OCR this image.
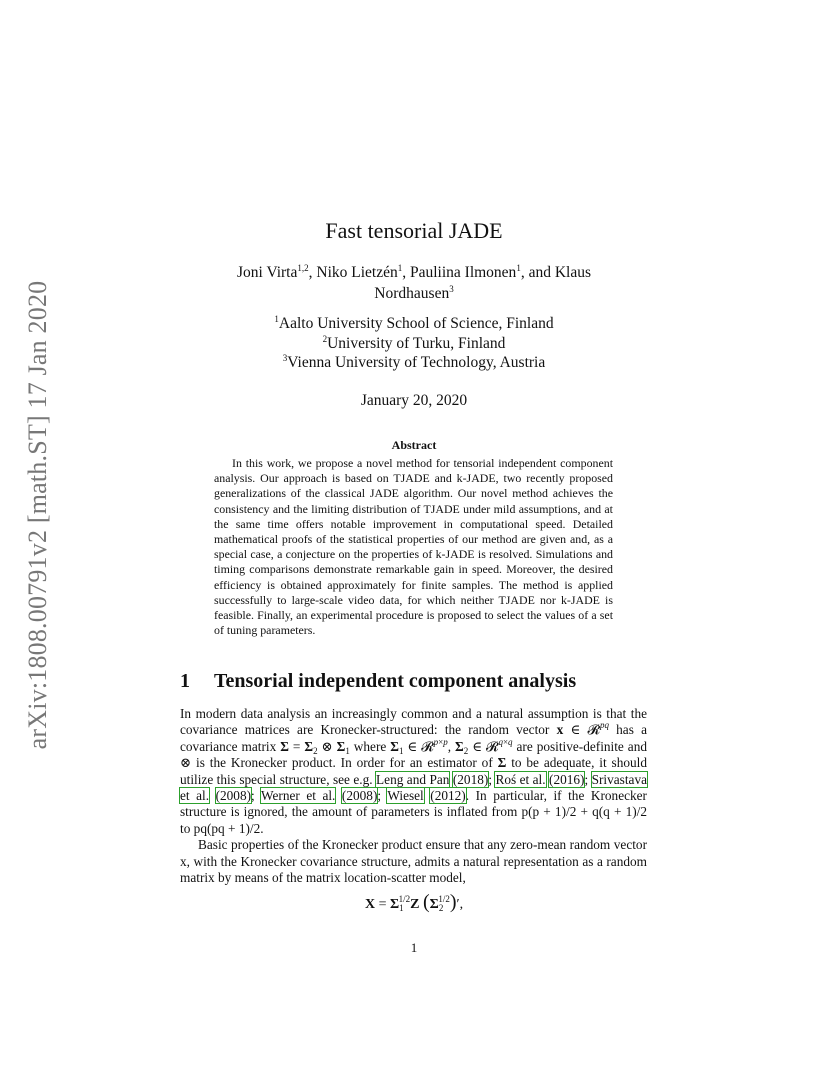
arXiv:1808.00791v2 [math.ST] 17 Jan 2020
Fast tensorial JADE
Joni Virta$^{1,2}$, Niko Lietzén$^1$, Pauliina Ilmonen$^1$, and Klaus
Nordhausen$^3$
$^1$Aalto University School of Science, Finland
$^2$University of Turku, Finland
$^3$Vienna University of Technology, Austria
January 20, 2020
Abstract
In this work, we propose a novel method for tensorial independent component analysis. Our approach is based on TJADE and k-JADE, two recently proposed generalizations of the classical JADE algorithm. Our novel method achieves the consistency and the limiting distribution of TJADE under mild assumptions, and at the same time offers notable improvement in computational speed. Detailed mathematical proofs of the statistical properties of our method are given and, as a special case, a conjecture on the properties of k-JADE is resolved. Simulations and timing comparisons demonstrate remarkable gain in speed. Moreover, the desired efficiency is obtained approximately for finite samples. The method is applied successfully to large-scale video data, for which neither TJADE nor k-JADE is feasible. Finally, an experimental procedure is proposed to select the values of a set of tuning parameters.
1 Tensorial independent component analysis

In modern data analysis an increasingly common and a natural assumption is that the covariance matrices are Kronecker-structured: the random vector x ∈ 𝓡$^{pq}$ has a covariance matrix $\Sigma = \Sigma_2$ ⊗ $\Sigma_1$ where $\Sigma_1$ ∈ 𝓡$^{p\times p}$, $\Sigma_2$ ∈ 𝓡$^{q\times q}$ are positive-definite and ⊗ is the Kronecker product. In order for an estimator of Σ to be adequate, it should utilize this special structure, see e.g. Leng and Pan (2018); Roś et al. (2016); Srivastava et al. (2008); Werner et al. (2008); Wiesel (2012). In particular, if the Kronecker structure is ignored, the amount of parameters is inflated from p(p + 1)/2 + q(q + 1)/2 to pq(pq + 1)/2.

Basic properties of the Kronecker product ensure that any zero-mean random vector x, with the Kronecker covariance structure, admits a natural representation as a random matrix by means of the matrix location-scatter model,

$X = \Sigma_1^{1/2}Z$ $(\Sigma_2^{1/2})'$,
1
